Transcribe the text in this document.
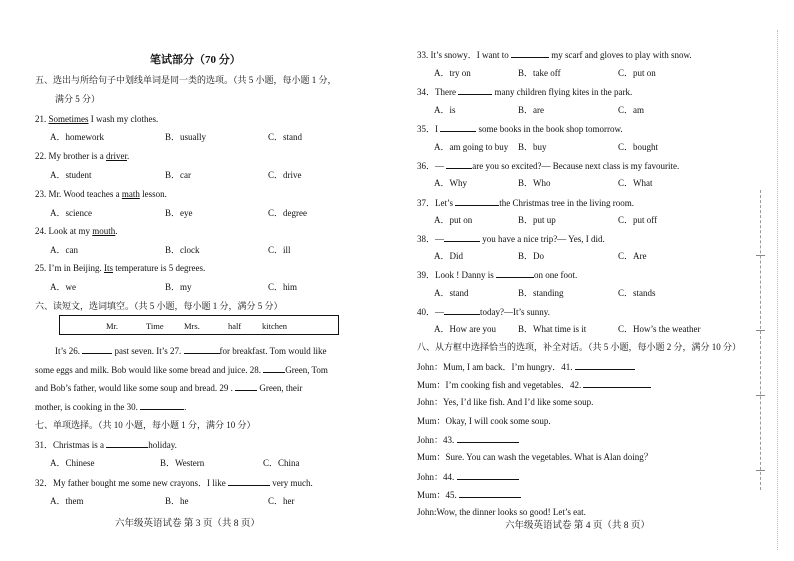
笔试部分（70 分）
五、选出与所给句子中划线单词是同一类的选项。（共 5 小题，每小题 1 分，
满分 5 分）
21. Sometimes I wash my clothes.
A．homework	B．usually	C．stand
22. My brother is a driver.
A．student	B．car	C．drive
23. Mr. Wood teaches a math lesson.
A．science	B．eye	C．degree
24. Look at my mouth.
A．can	B．clock	C．ill
25. I’m in Beijing. Its temperature is 5 degrees.
A．we	B．my	C．him
六、读短文，选词填空。（共 5 小题，每小题 1 分，满分 5 分）
Mr.	Time Mrs.	half kitchen
It’s 26.	past seven. It’s 27.	for breakfast. Tom would like
some eggs and milk. Bob would like some bread and juice. 28. Green, Tom
and Bob’s father, would like some soup and bread. 29 .  Green, their
mother, is cooking in the 30.	.
七、单项选择。（共 10 小题，每小题 1 分，满分 10 分）
31．Christmas is a	holiday.
A．Chinese	B．Western	C．China
32．My father bought me some new crayons．I like	very much.
A．them	B．he	C．her
六年级英语试卷 第 3 页（共 8 页）
33. It’s snowy．I want to	my scarf and gloves to play with snow.
A．try on	B．take off	C．put on
34．There	many children flying kites in the park.
A．is	B．are	C．am
35．I	some books in the book shop tomorrow.
A．am going to buy B．buy	C．bought
36．—	are you so excited?— Because next class is my favourite.
A．Why	B．Who	C．What
37．Let’s	the Christmas tree in the living room.
A．put on	B．put up	C．put off
38．—	you have a nice trip?— Yes, I did.
A．Did	B．Do	C．Are
39．Look ! Danny is	on one foot.
A．stand	B．standing	C．stands
40．—	today?—It’s sunny.
A．How are you B．What time is it	C．How’s the weather
八、从方框中选择恰当的选项，补全对话。（共 5 小题，每小题 2 分，满分 10 分）
John：Mum, I am back．I’m hungry．41.
Mum：I’m cooking fish and vegetables．42.
John：Yes, I’d like fish. And I’d like some soup.
Mum：Okay, I will cook some soup.
John：43.
Mum：Sure. You can wash the vegetables. What is Alan doing？
John：44.
Mum：45.
John:Wow, the dinner looks so good! Let’s eat.
六年级英语试卷 第 4 页（共 8 页）
